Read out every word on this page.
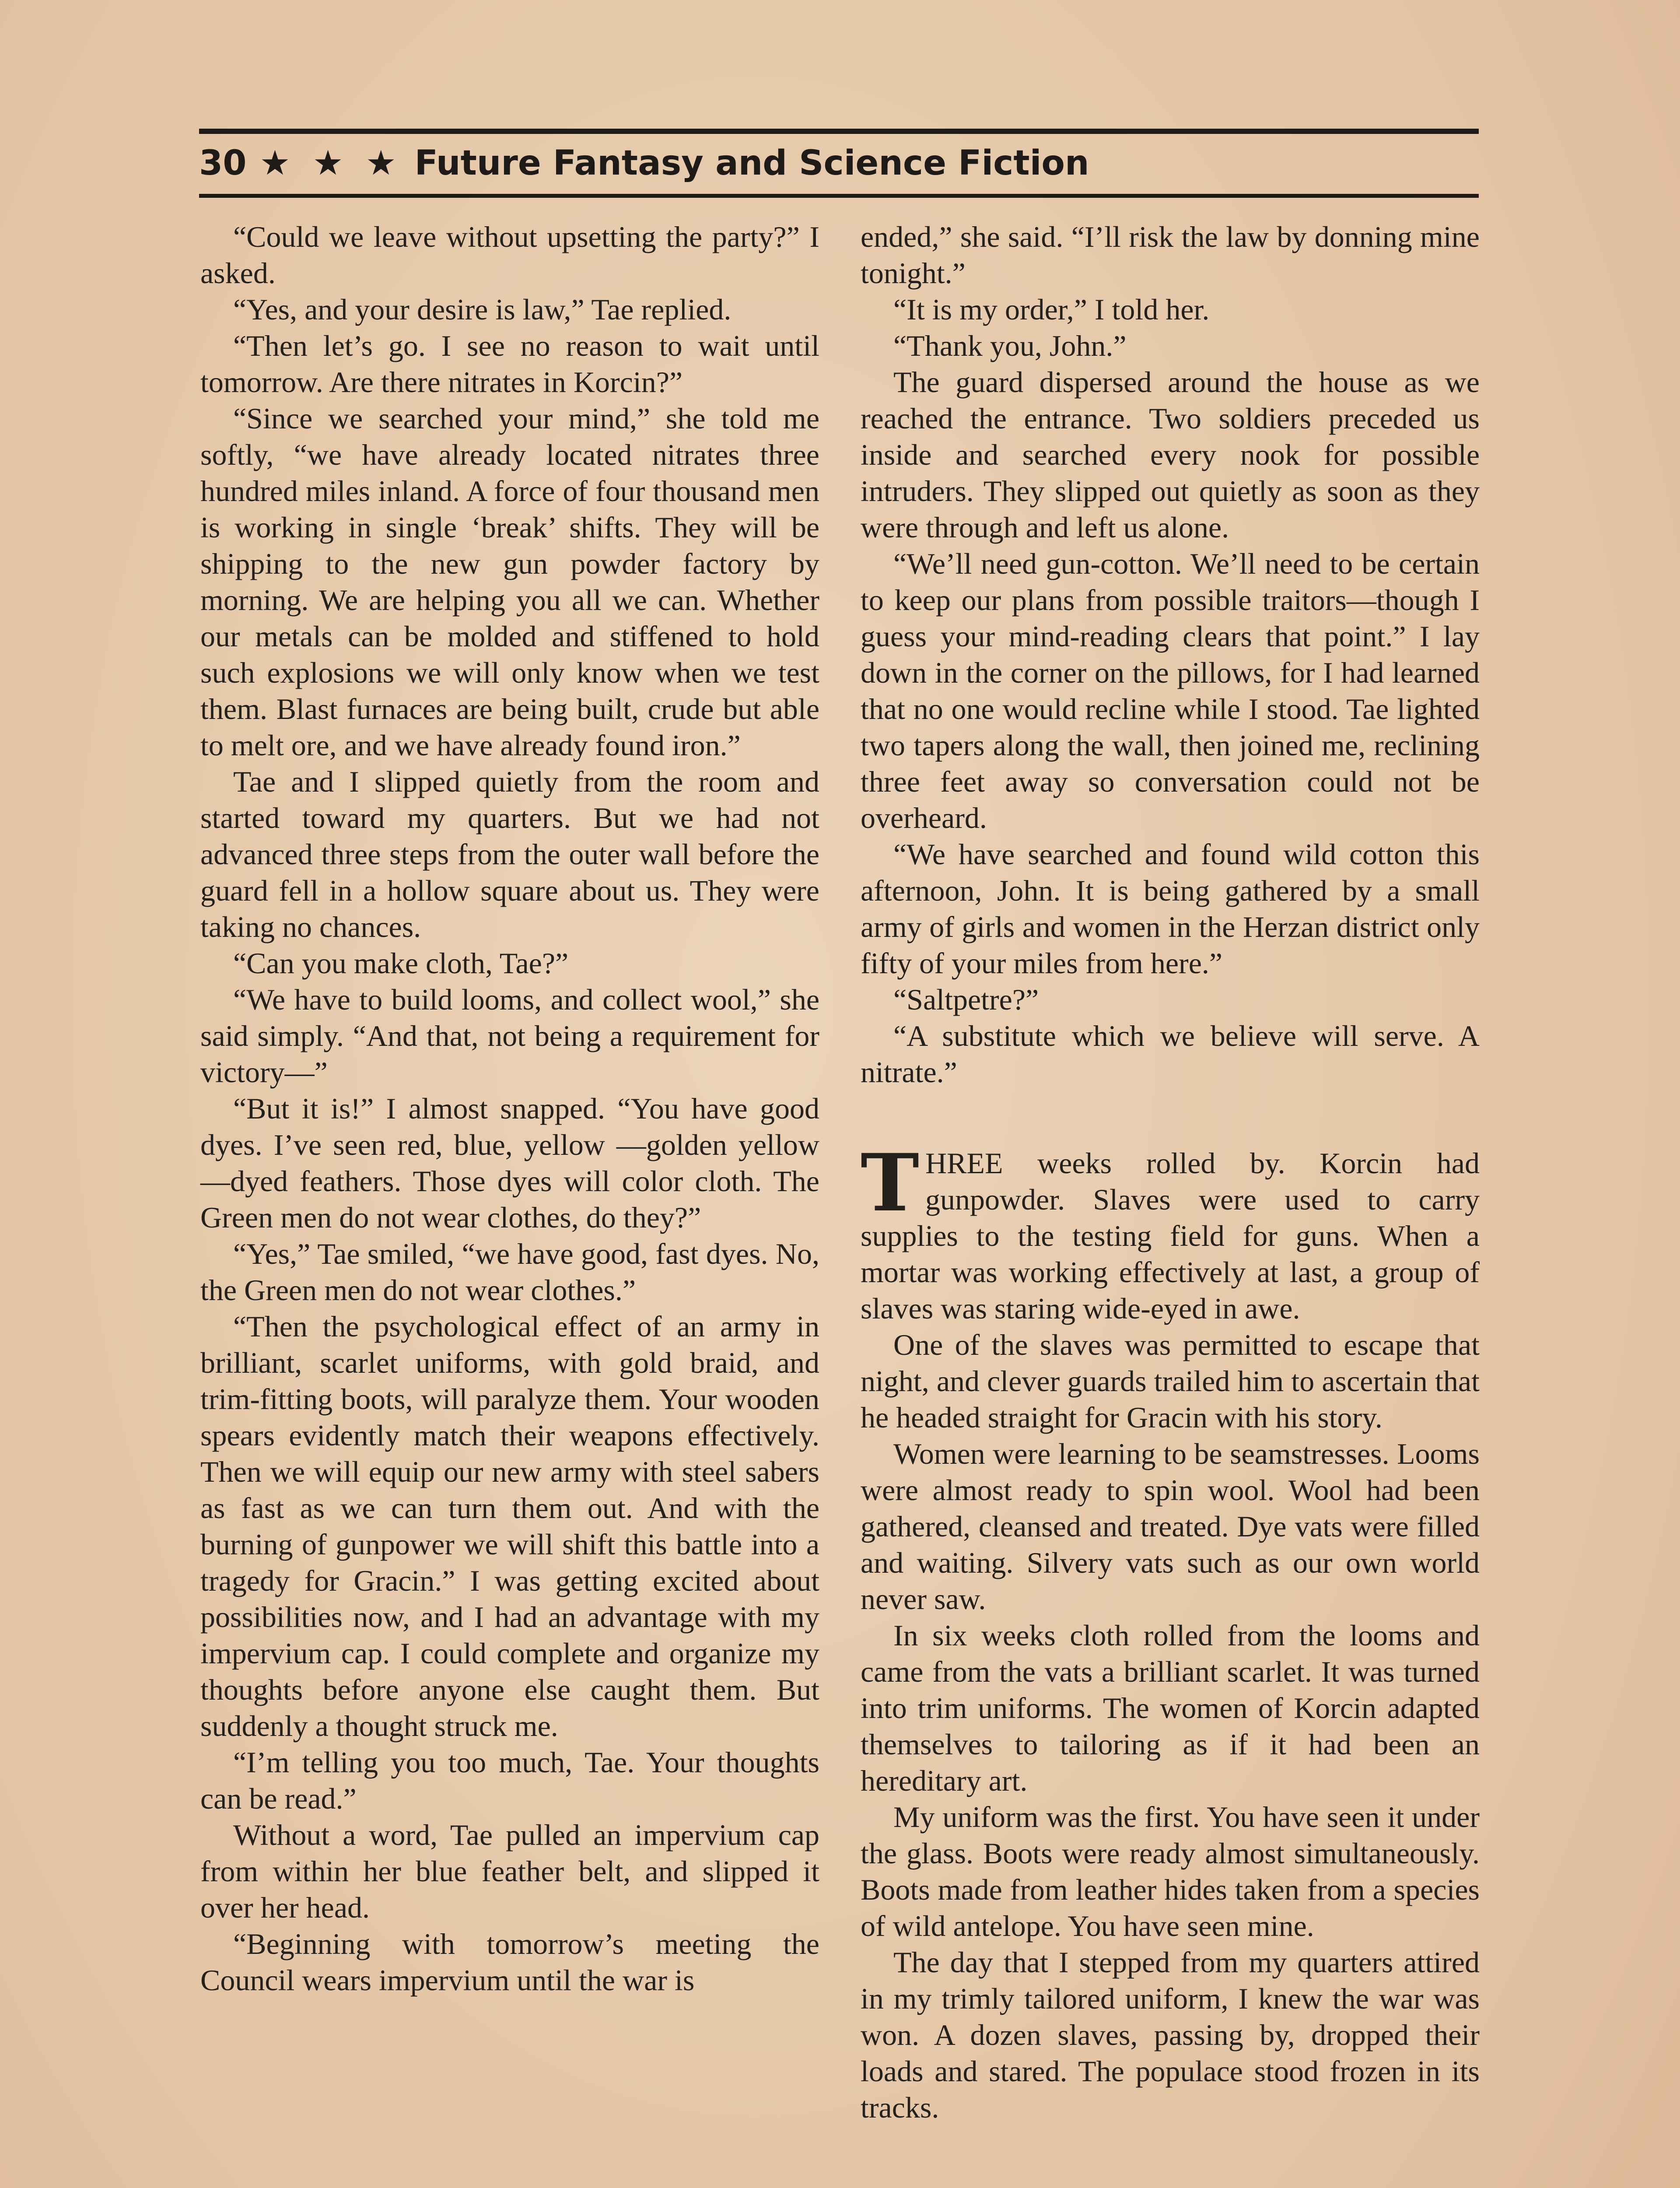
30 ★ ★ ★ Future Fantasy and Science Fiction

“Could we leave without upsetting the party?” I asked.

“Yes, and your desire is law,” Tae replied.

“Then let’s go. I see no reason to wait until tomorrow. Are there nitrates in Korcin?”

“Since we searched your mind,” she told me softly, “we have already located nitrates three hundred miles inland. A force of four thousand men is working in single ‘break’ shifts. They will be shipping to the new gun powder factory by morning. We are helping you all we can. Whether our metals can be molded and stiffened to hold such explosions we will only know when we test them. Blast furnaces are being built, crude but able to melt ore, and we have already found iron.”

Tae and I slipped quietly from the room and started toward my quarters. But we had not advanced three steps from the outer wall before the guard fell in a hollow square about us. They were taking no chances.

“Can you make cloth, Tae?”

“We have to build looms, and collect wool,” she said simply. “And that, not being a requirement for victory—”

“But it is!” I almost snapped. “You have good dyes. I’ve seen red, blue, yellow —golden yellow—dyed feathers. Those dyes will color cloth. The Green men do not wear clothes, do they?”

“Yes,” Tae smiled, “we have good, fast dyes. No, the Green men do not wear clothes.”

“Then the psychological effect of an army in brilliant, scarlet uniforms, with gold braid, and trim-fitting boots, will paralyze them. Your wooden spears evidently match their weapons effectively. Then we will equip our new army with steel sabers as fast as we can turn them out. And with the burning of gunpower we will shift this battle into a tragedy for Gracin.” I was getting excited about possibilities now, and I had an advantage with my impervium cap. I could complete and organize my thoughts before anyone else caught them. But suddenly a thought struck me.

“I’m telling you too much, Tae. Your thoughts can be read.”

Without a word, Tae pulled an impervium cap from within her blue feather belt, and slipped it over her head.

“Beginning with tomorrow’s meeting the Council wears impervium until the war is

ended,” she said. “I’ll risk the law by donning mine tonight.”

“It is my order,” I told her.

“Thank you, John.”

The guard dispersed around the house as we reached the entrance. Two soldiers preceded us inside and searched every nook for possible intruders. They slipped out quietly as soon as they were through and left us alone.

“We’ll need gun-cotton. We’ll need to be certain to keep our plans from possible traitors—though I guess your mind-reading clears that point.” I lay down in the corner on the pillows, for I had learned that no one would recline while I stood. Tae lighted two tapers along the wall, then joined me, reclining three feet away so conversation could not be overheard.

“We have searched and found wild cotton this afternoon, John. It is being gathered by a small army of girls and women in the Herzan district only fifty of your miles from here.”

“Saltpetre?”

“A substitute which we believe will serve. A nitrate.”

THREE weeks rolled by. Korcin had gunpowder. Slaves were used to carry supplies to the testing field for guns. When a mortar was working effectively at last, a group of slaves was staring wide-eyed in awe.

One of the slaves was permitted to escape that night, and clever guards trailed him to ascertain that he headed straight for Gracin with his story.

Women were learning to be seamstresses. Looms were almost ready to spin wool. Wool had been gathered, cleansed and treated. Dye vats were filled and waiting. Silvery vats such as our own world never saw.

In six weeks cloth rolled from the looms and came from the vats a brilliant scarlet. It was turned into trim uniforms. The women of Korcin adapted themselves to tailoring as if it had been an hereditary art.

My uniform was the first. You have seen it under the glass. Boots were ready almost simultaneously. Boots made from leather hides taken from a species of wild antelope. You have seen mine.

The day that I stepped from my quarters attired in my trimly tailored uniform, I knew the war was won. A dozen slaves, passing by, dropped their loads and stared. The populace stood frozen in its tracks.
